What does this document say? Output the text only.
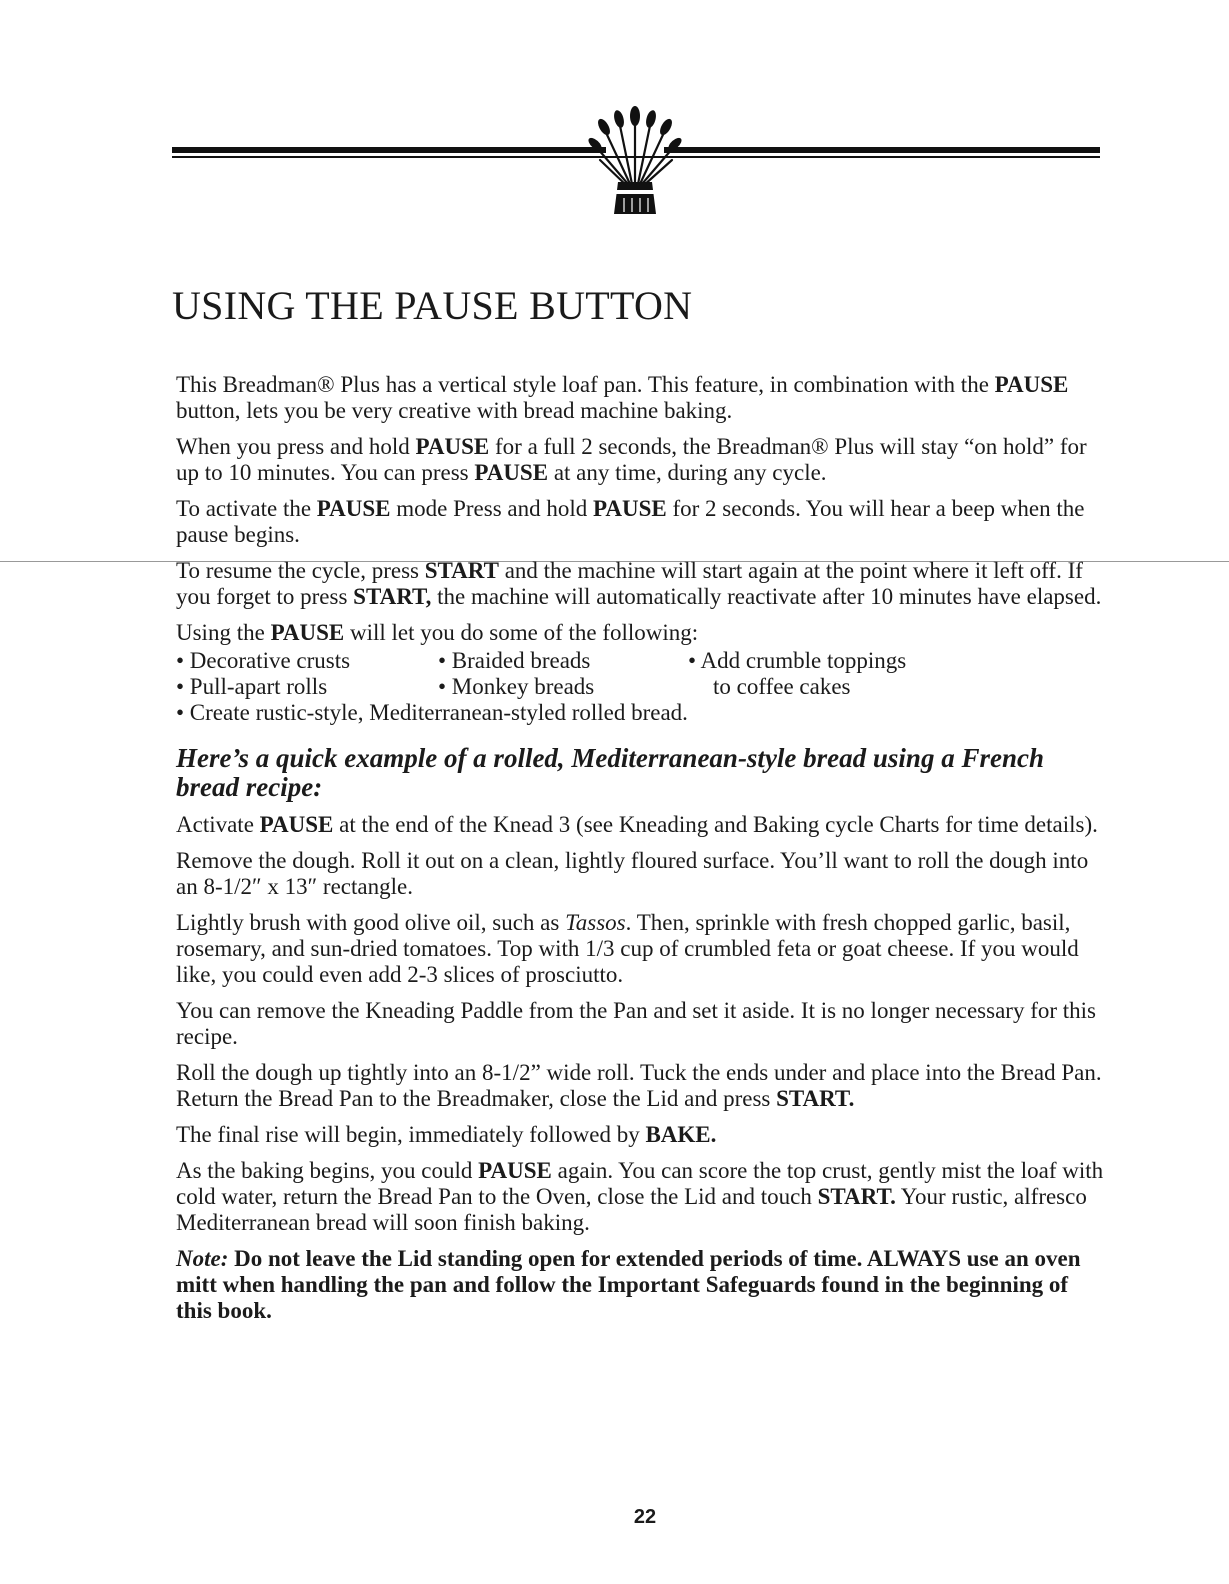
USING THE PAUSE BUTTON

This Breadman® Plus has a vertical style loaf pan. This feature, in combination with the PAUSE button, lets you be very creative with bread machine baking.

When you press and hold PAUSE for a full 2 seconds, the Breadman® Plus will stay “on hold” for up to 10 minutes. You can press PAUSE at any time, during any cycle.

To activate the PAUSE mode Press and hold PAUSE for 2 seconds. You will hear a beep when the pause begins.

To resume the cycle, press START and the machine will start again at the point where it left off. If you forget to press START, the machine will automatically reactivate after 10 minutes have elapsed.

Using the PAUSE will let you do some of the following:

• Decorative crusts	• Braided breads	• Add crumble toppings
• Pull-apart rolls	• Monkey breads	to coffee cakes
• Create rustic-style, Mediterranean-styled rolled bread.
Here’s a quick example of a rolled, Mediterranean-style bread using a French bread recipe:

Activate PAUSE at the end of the Knead 3 (see Kneading and Baking cycle Charts for time details).

Remove the dough. Roll it out on a clean, lightly floured surface. You’ll want to roll the dough into an 8-1/2″ x 13″ rectangle.

Lightly brush with good olive oil, such as Tassos. Then, sprinkle with fresh chopped garlic, basil, rosemary, and sun-dried tomatoes. Top with 1/3 cup of crumbled feta or goat cheese. If you would like, you could even add 2-3 slices of prosciutto.

You can remove the Kneading Paddle from the Pan and set it aside. It is no longer necessary for this recipe.

Roll the dough up tightly into an 8-1/2” wide roll. Tuck the ends under and place into the Bread Pan. Return the Bread Pan to the Breadmaker, close the Lid and press START.

The final rise will begin, immediately followed by BAKE.

As the baking begins, you could PAUSE again. You can score the top crust, gently mist the loaf with cold water, return the Bread Pan to the Oven, close the Lid and touch START. Your rustic, alfresco Mediterranean bread will soon finish baking.

Note: Do not leave the Lid standing open for extended periods of time. ALWAYS use an oven mitt when handling the pan and follow the Important Safeguards found in the beginning of this book.

22
